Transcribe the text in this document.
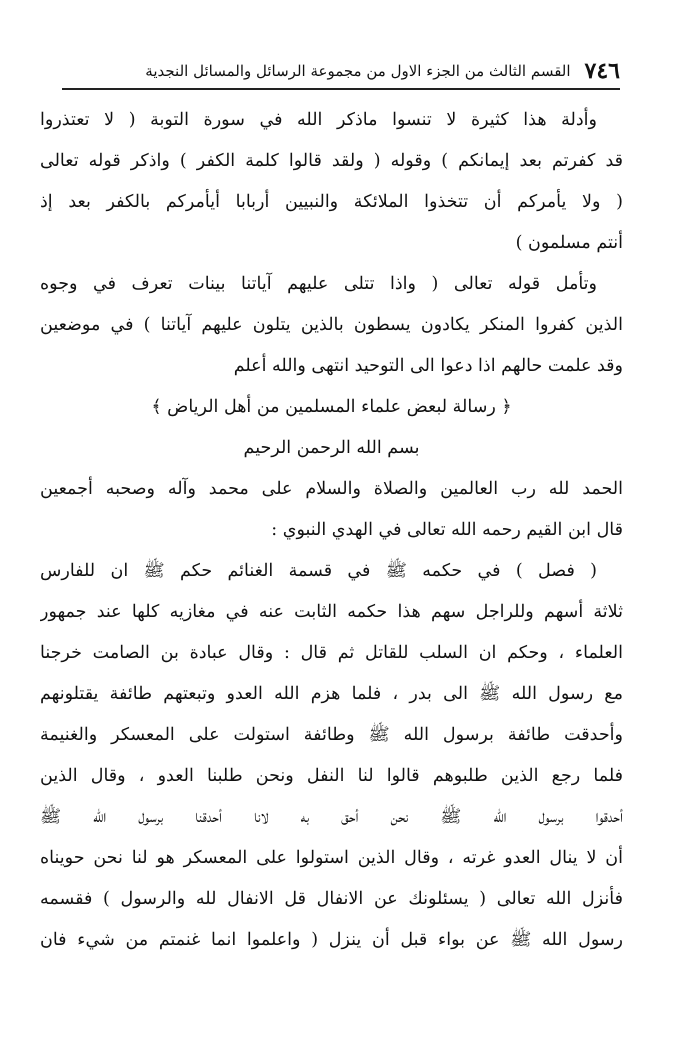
٧٤٦
القسم الثالث من الجزء الاول من مجموعة الرسائل والمسائل النجدية
وأدلة هذا كثيرة لا تنسوا ماذكر الله في سورة التوبة ( لا تعتذروا
قد كفرتم بعد إيمانكم ) وقوله ( ولقد قالوا كلمة الكفر ) واذكر قوله تعالى
( ولا يأمركم أن تتخذوا الملائكة والنبيين أربابا أيأمركم بالكفر بعد إذ
أنتم مسلمون )
وتأمل قوله تعالى ( واذا تتلى عليهم آياتنا بينات تعرف في وجوه
الذين كفروا المنكر يكادون يسطون بالذين يتلون عليهم آياتنا ) في موضعين
وقد علمت حالهم اذا دعوا الى التوحيد انتهى والله أعلم
﴿ رسالة لبعض علماء المسلمين من أهل الرياض ﴾
بسم الله الرحمن الرحيم
الحمد لله رب العالمين والصلاة والسلام على محمد وآله وصحبه أجمعين
قال ابن القيم رحمه الله تعالى في الهدي النبوي :
( فصل ) في حكمه ﷺ في قسمة الغنائم حكم ﷺ ان للفارس
ثلاثة أسهم وللراجل سهم هذا حكمه الثابت عنه في مغازيه كلها عند جمهور
العلماء ، وحكم ان السلب للقاتل ثم قال : وقال عبادة بن الصامت خرجنا
مع رسول الله ﷺ الى بدر ، فلما هزم الله العدو وتبعتهم طائفة يقتلونهم
وأحدقت طائفة برسول الله ﷺ وطائفة استولت على المعسكر والغنيمة
فلما رجع الذين طلبوهم قالوا لنا النفل ونحن طلبنا العدو ، وقال الذين
أحدقوا برسول الله ﷺ نحن أحق به لانا أحدقنا برسول الله ﷺ
أن لا ينال العدو غرته ، وقال الذين استولوا على المعسكر هو لنا نحن حويناه
فأنزل الله تعالى ( يسئلونك عن الانفال قل الانفال لله والرسول ) فقسمه
رسول الله ﷺ عن بواء قبل أن ينزل ( واعلموا انما غنمتم من شيء فان
